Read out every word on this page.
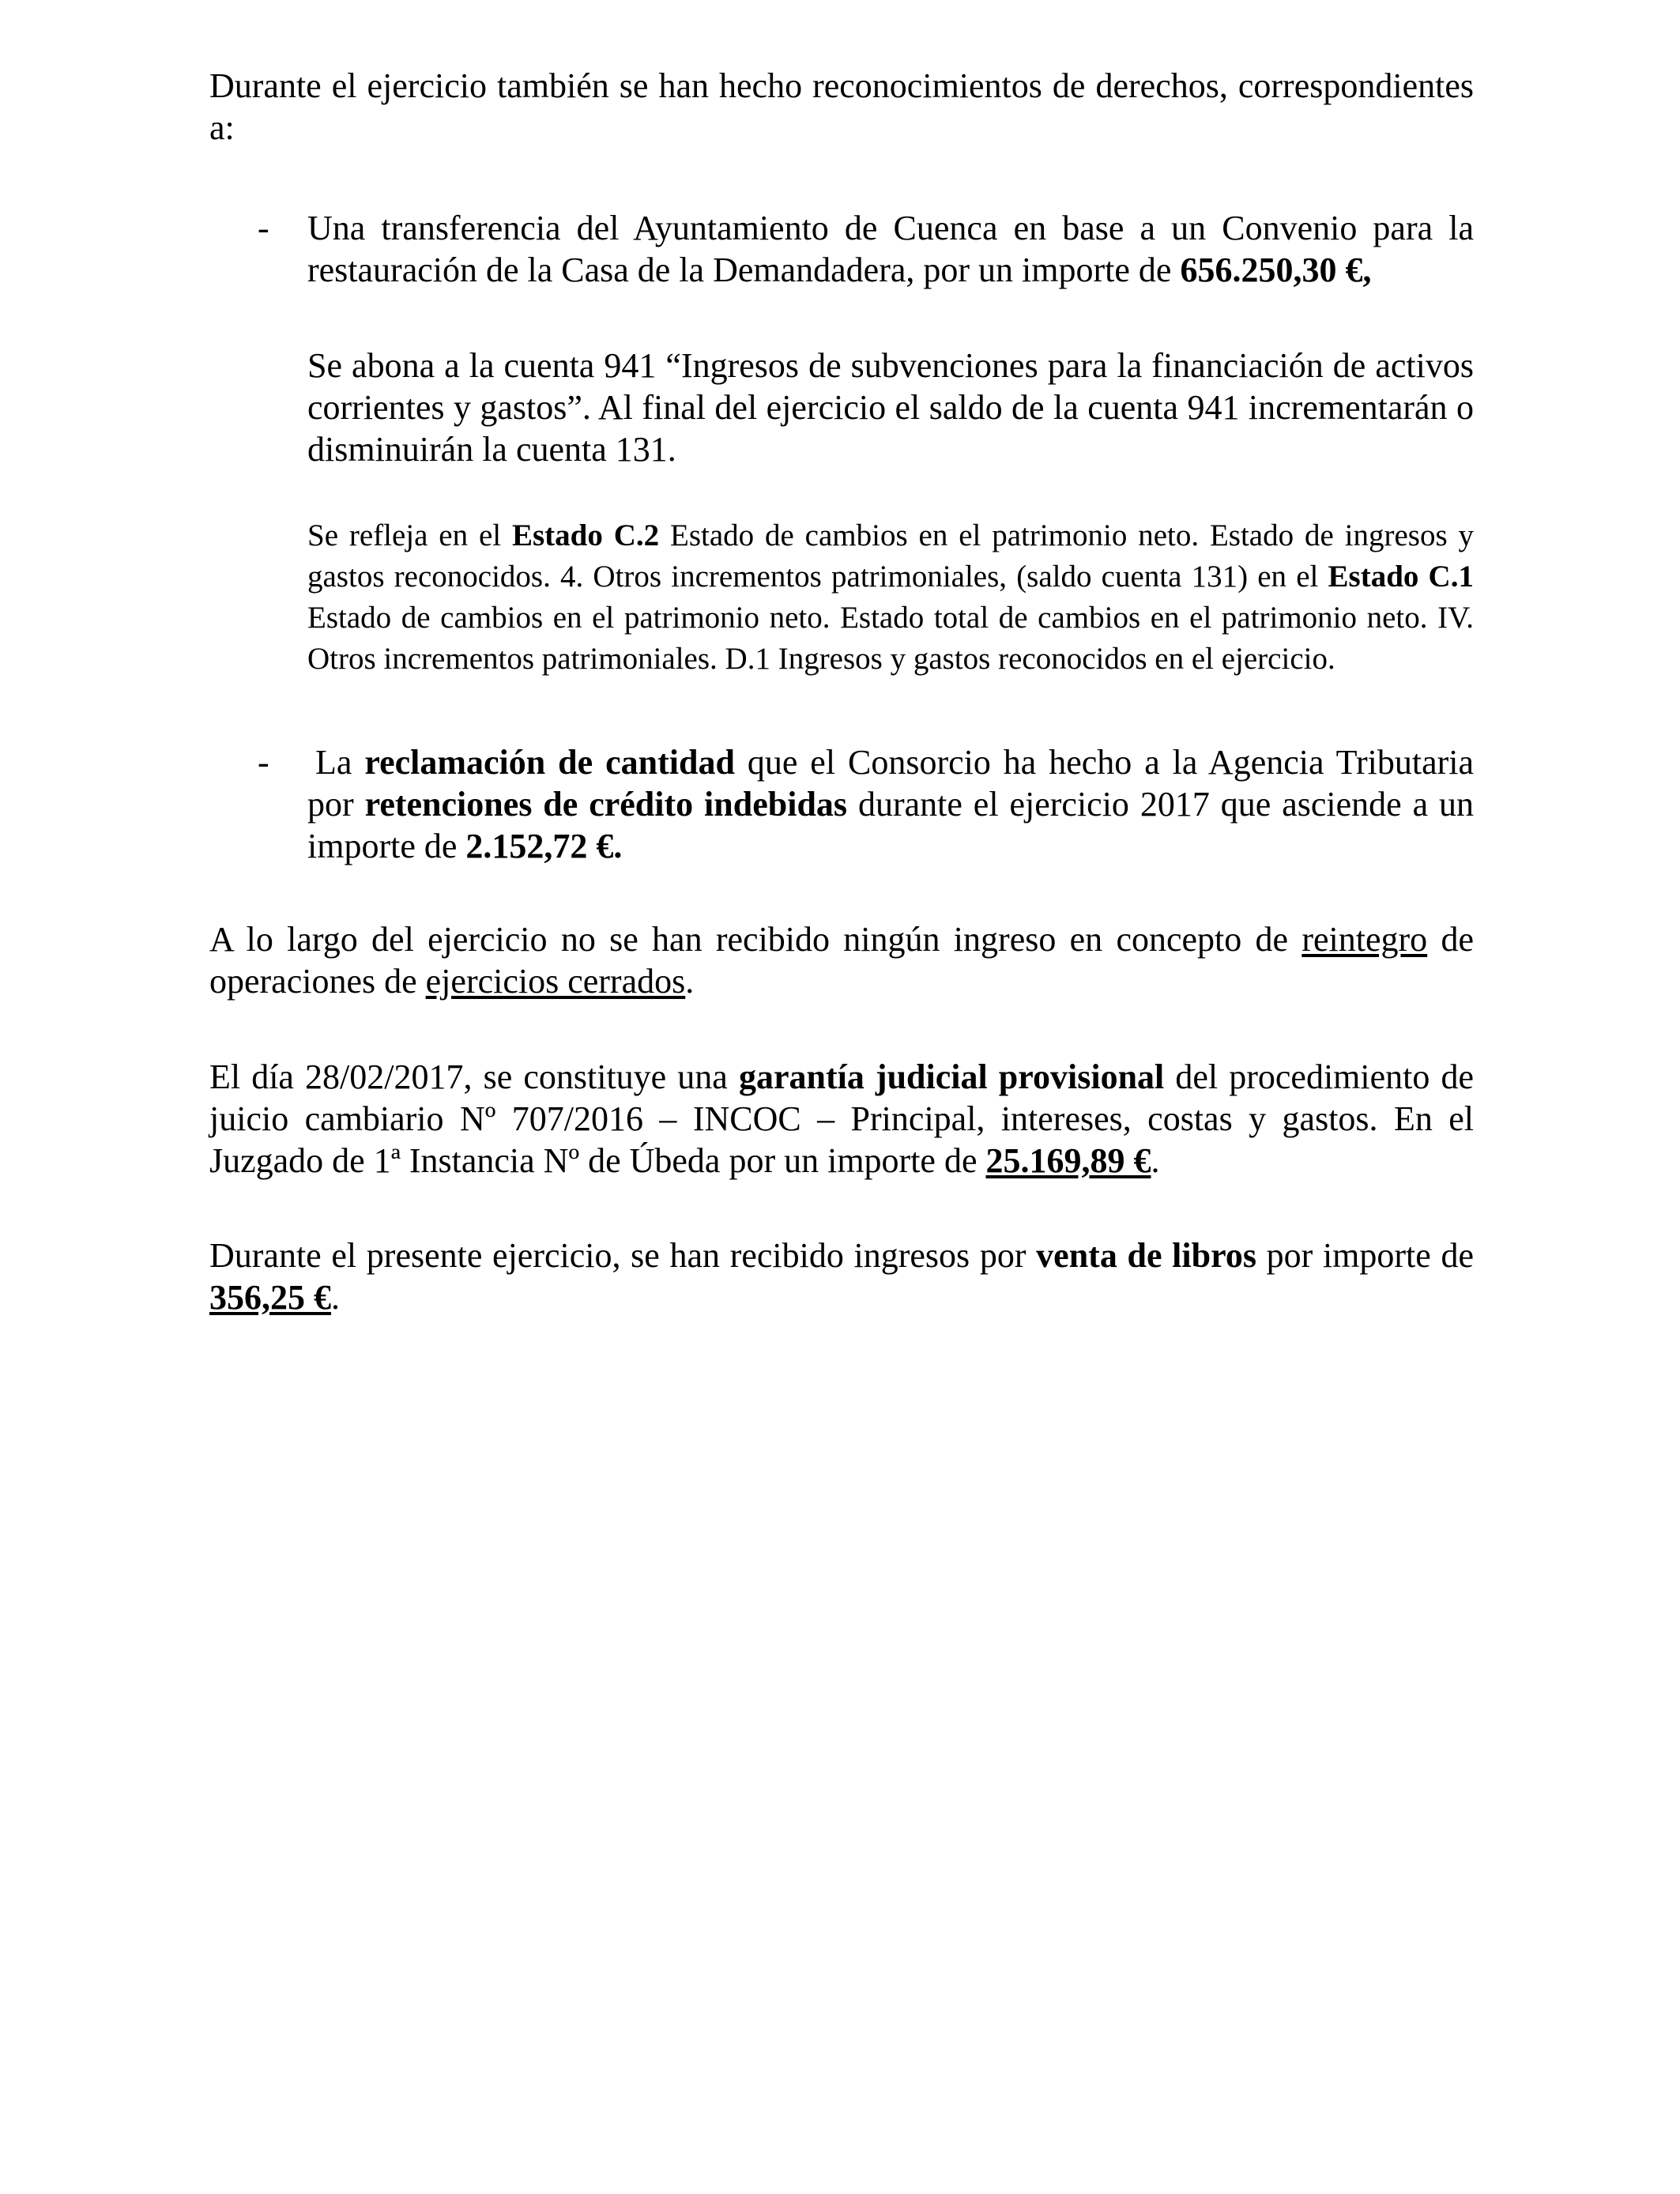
Durante el ejercicio también se han hecho reconocimientos de derechos, correspondientes a:

- Una transferencia del Ayuntamiento de Cuenca en base a un Convenio para la restauración de la Casa de la Demandadera, por un importe de 656.250,30 €,

Se abona a la cuenta 941 “Ingresos de subvenciones para la financiación de activos corrientes y gastos”. Al final del ejercicio el saldo de la cuenta 941 incrementarán o disminuirán la cuenta 131.

Se refleja en el Estado C.2 Estado de cambios en el patrimonio neto. Estado de ingresos y gastos reconocidos. 4. Otros incrementos patrimoniales, (saldo cuenta 131) en el Estado C.1 Estado de cambios en el patrimonio neto. Estado total de cambios en el patrimonio neto. IV. Otros incrementos patrimoniales. D.1 Ingresos y gastos reconocidos en el ejercicio.

- La reclamación de cantidad que el Consorcio ha hecho a la Agencia Tributaria por retenciones de crédito indebidas durante el ejercicio 2017 que asciende a un importe de 2.152,72 €.

A lo largo del ejercicio no se han recibido ningún ingreso en concepto de reintegro de operaciones de ejercicios cerrados.

El día 28/02/2017, se constituye una garantía judicial provisional del procedimiento de juicio cambiario Nº 707/2016 – INCOC – Principal, intereses, costas y gastos. En el Juzgado de 1ª Instancia Nº de Úbeda por un importe de 25.169,89 €.

Durante el presente ejercicio, se han recibido ingresos por venta de libros por importe de 356,25 €.
